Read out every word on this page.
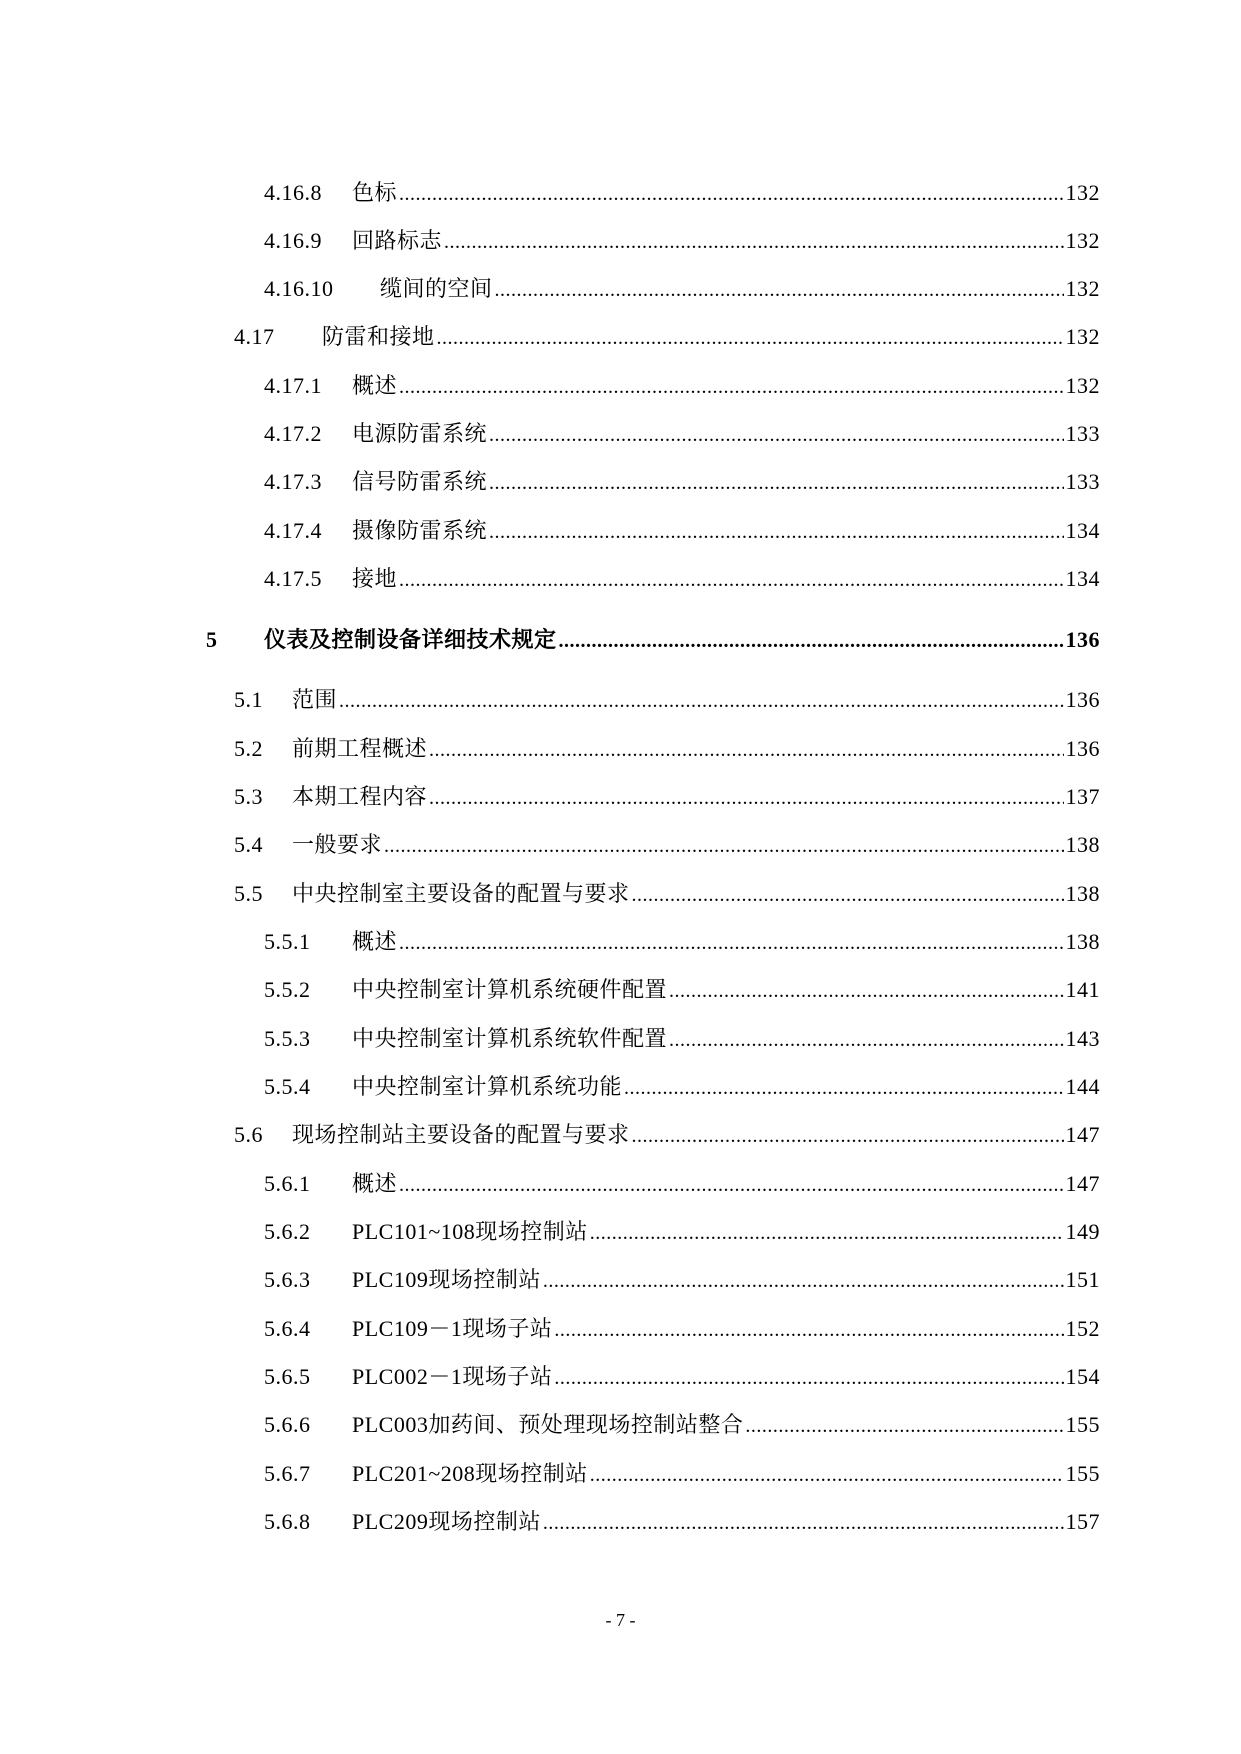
4.16.8 色标 .....	132
4.16.9 回路标志 .....	132
4.16.10 缆间的空间 .....	132
4.17 防雷和接地 .....	132
4.17.1 概述 .....	132
4.17.2 电源防雷系统 .....	133
4.17.3 信号防雷系统 .....	133
4.17.4 摄像防雷系统 .....	134
4.17.5 接地 .....	134
5 仪表及控制设备详细技术规定 .....	136
5.1 范围 .....	136
5.2 前期工程概述 .....	136
5.3 本期工程内容 .....	137
5.4 一般要求 .....	138
5.5 中央控制室主要设备的配置与要求 .....	138
5.5.1 概述 .....	138
5.5.2 中央控制室计算机系统硬件配置 .....	141
5.5.3 中央控制室计算机系统软件配置 .....	143
5.5.4 中央控制室计算机系统功能 .....	144
5.6 现场控制站主要设备的配置与要求 .....	147
5.6.1 概述 .....	147
5.6.2 PLC101~108现场控制站 .....	149
5.6.3 PLC109现场控制站 .....	151
5.6.4 PLC109－1现场子站 .....	152
5.6.5 PLC002－1现场子站 .....	154
5.6.6 PLC003加药间、预处理现场控制站整合 .....	155
5.6.7 PLC201~208现场控制站 .....	155
5.6.8 PLC209现场控制站 .....	157
- 7 -
